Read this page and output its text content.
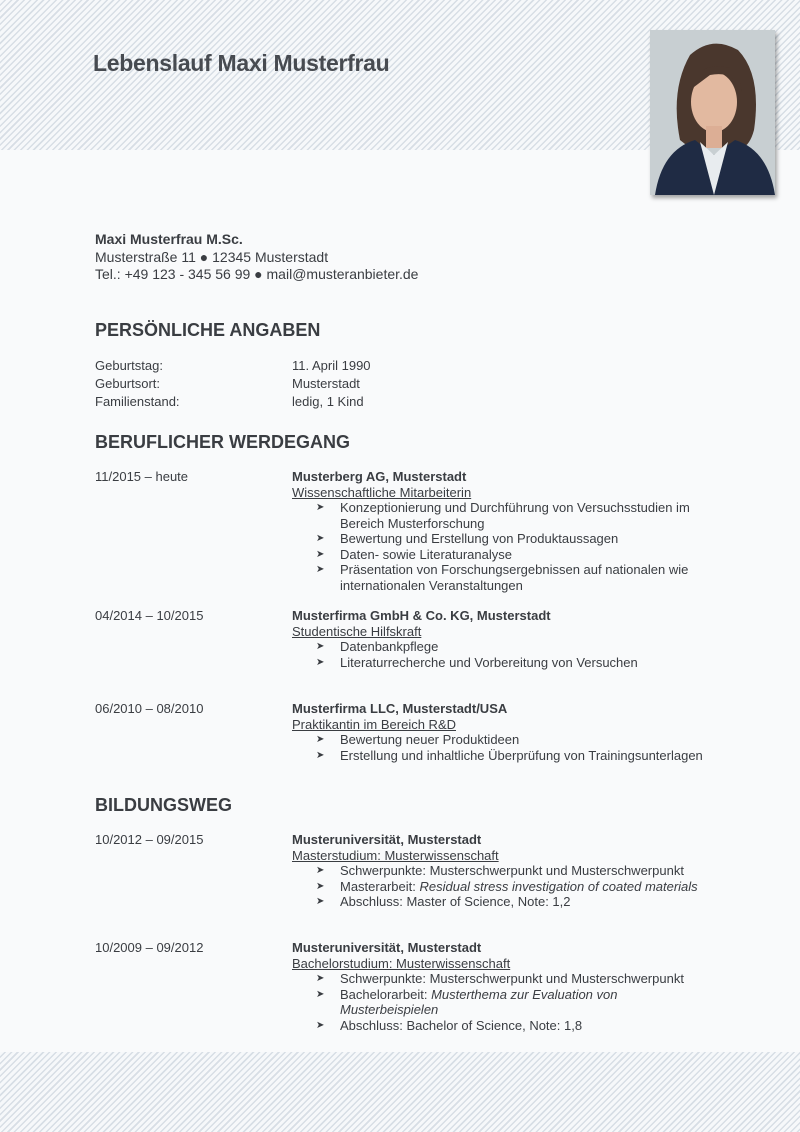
Lebenslauf Maxi Musterfrau
Maxi Musterfrau M.Sc.
Musterstraße 11 ● 12345 Musterstadt
Tel.: +49 123 - 345 56 99 ● mail@musteranbieter.de
PERSÖNLICHE ANGABEN
Geburtstag:	11. April 1990
Geburtsort:	Musterstadt
Familienstand:	ledig, 1 Kind
BERUFLICHER WERDEGANG
11/2015 – heute	Musterberg AG, Musterstadt
Wissenschaftliche Mitarbeiterin
➤ Konzeptionierung und Durchführung von Versuchsstudien im Bereich Musterforschung
➤ Bewertung und Erstellung von Produktaussagen
➤ Daten- sowie Literaturanalyse
➤ Präsentation von Forschungsergebnissen auf nationalen wie internationalen Veranstaltungen
04/2014 – 10/2015	Musterfirma GmbH & Co. KG, Musterstadt
Studentische Hilfskraft
➤ Datenbankpflege
➤ Literaturrecherche und Vorbereitung von Versuchen
06/2010 – 08/2010	Musterfirma LLC, Musterstadt/USA
Praktikantin im Bereich R&D
➤ Bewertung neuer Produktideen
➤ Erstellung und inhaltliche Überprüfung von Trainingsunterlagen
BILDUNGSWEG
10/2012 – 09/2015	Musteruniversität, Musterstadt
Masterstudium: Musterwissenschaft
➤ Schwerpunkte: Musterschwerpunkt und Musterschwerpunkt
➤ Masterarbeit: Residual stress investigation of coated materials
➤ Abschluss: Master of Science, Note: 1,2
10/2009 – 09/2012	Musteruniversität, Musterstadt
Bachelorstudium: Musterwissenschaft
➤ Schwerpunkte: Musterschwerpunkt und Musterschwerpunkt
➤ Bachelorarbeit: Musterthema zur Evaluation von Musterbeispielen
➤ Abschluss: Bachelor of Science, Note: 1,8
